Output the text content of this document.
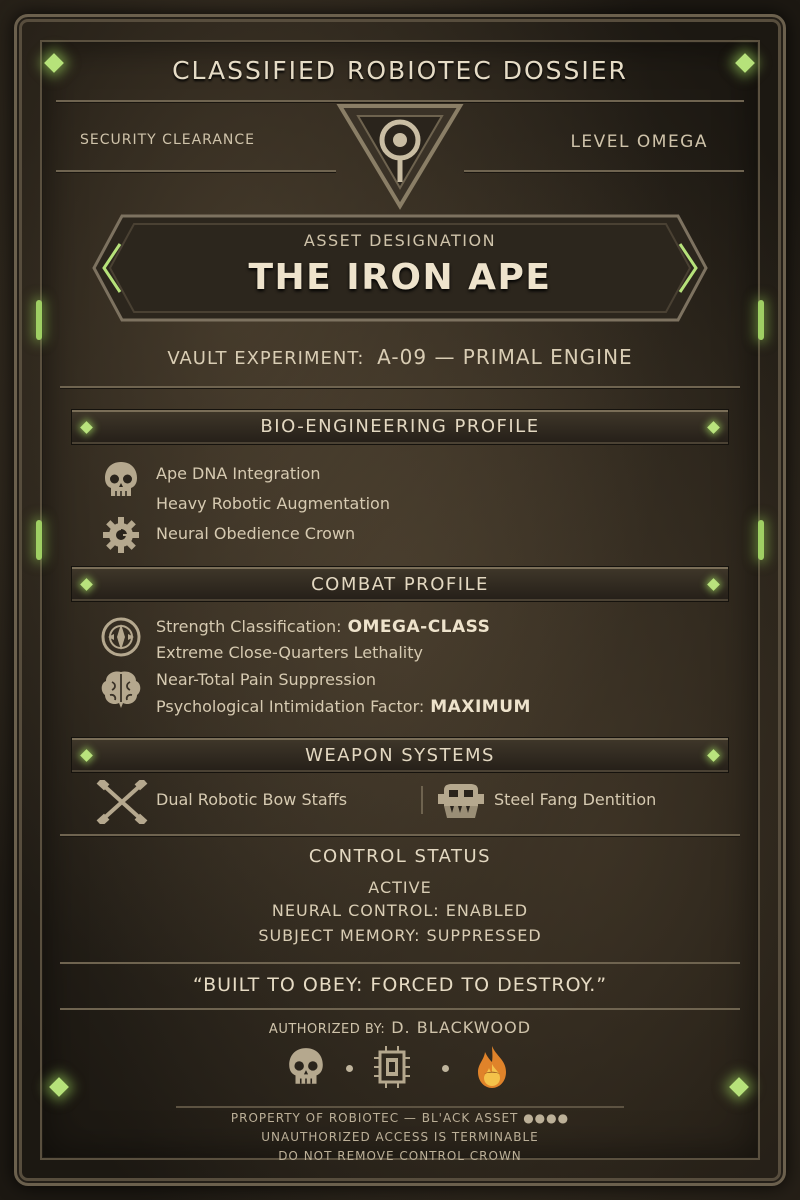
CLASSIFIED ROBIOTEC DOSSIER
SECURITY CLEARANCE	LEVEL OMEGA
ASSET DESIGNATION
THE IRON APE
VAULT EXPERIMENT: A-09 — PRIMAL ENGINE
BIO-ENGINEERING PROFILE
Ape DNA Integration
Heavy Robotic Augmentation
Neural Obedience Crown
COMBAT PROFILE
Strength Classification: OMEGA-CLASS
Extreme Close-Quarters Lethality
Near-Total Pain Suppression
Psychological Intimidation Factor: MAXIMUM
WEAPON SYSTEMS
Dual Robotic Bow Staffs	Steel Fang Dentition
CONTROL STATUS
ACTIVE
NEURAL CONTROL: ENABLED
SUBJECT MEMORY: SUPPRESSED
“BUILT TO OBEY: FORCED TO DESTROY.”
AUTHORIZED BY: D. BLACKWOOD
PROPERTY OF ROBIOTEC — BL'ACK ASSET ●●●●
UNAUTHORIZED ACCESS IS TERMINABLE
DO NOT REMOVE CONTROL CROWN
